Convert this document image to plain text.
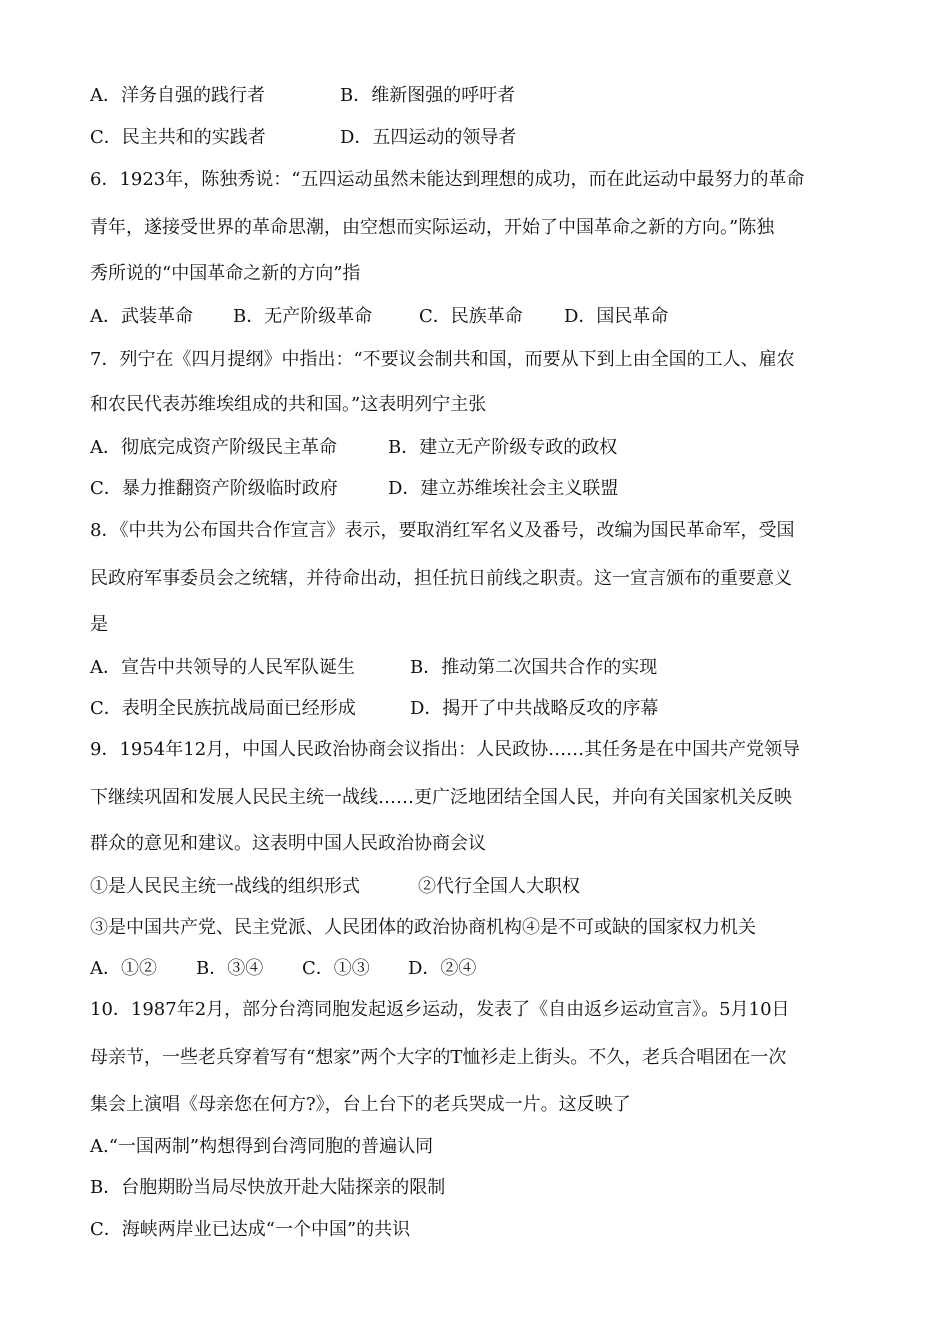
A．洋务自强的践行者	B．维新图强的呼吁者
C．民主共和的实践者	D．五四运动的领导者
6．1923年，陈独秀说：“五四运动虽然未能达到理想的成功，而在此运动中最努力的革命
青年，遂接受世界的革命思潮，由空想而实际运动，开始了中国革命之新的方向。”陈独
秀所说的“中国革命之新的方向”指
A．武装革命 B．无产阶级革命	C．民族革命 D．国民革命
7．列宁在《四月提纲》中指出：“不要议会制共和国，而要从下到上由全国的工人、雇农
和农民代表苏维埃组成的共和国。”这表明列宁主张
A．彻底完成资产阶级民主革命	B．建立无产阶级专政的政权
C．暴力推翻资产阶级临时政府	D．建立苏维埃社会主义联盟
8．《中共为公布国共合作宣言》表示，要取消红军名义及番号，改编为国民革命军，受国
民政府军事委员会之统辖，并待命出动，担任抗日前线之职责。这一宣言颁布的重要意义
是
A．宣告中共领导的人民军队诞生	B．推动第二次国共合作的实现
C．表明全民族抗战局面已经形成	D．揭开了中共战略反攻的序幕
9．1954年12月，中国人民政治协商会议指出：人民政协……其任务是在中国共产党领导
下继续巩固和发展人民民主统一战线……更广泛地团结全国人民，并向有关国家机关反映
群众的意见和建议。这表明中国人民政治协商会议
①是人民民主统一战线的组织形式	②代行全国人大职权
③是中国共产党、民主党派、人民团体的政治协商机构④是不可或缺的国家权力机关
A．①② B．③④ C．①③ D．②④
10．1987年2月，部分台湾同胞发起返乡运动，发表了《自由返乡运动宣言》。5月10日
母亲节，一些老兵穿着写有“想家”两个大字的T恤衫走上街头。不久，老兵合唱团在一次
集会上演唱《母亲您在何方?》，台上台下的老兵哭成一片。这反映了
A.“一国两制”构想得到台湾同胞的普遍认同
B．台胞期盼当局尽快放开赴大陆探亲的限制
C．海峡两岸业已达成“一个中国”的共识
